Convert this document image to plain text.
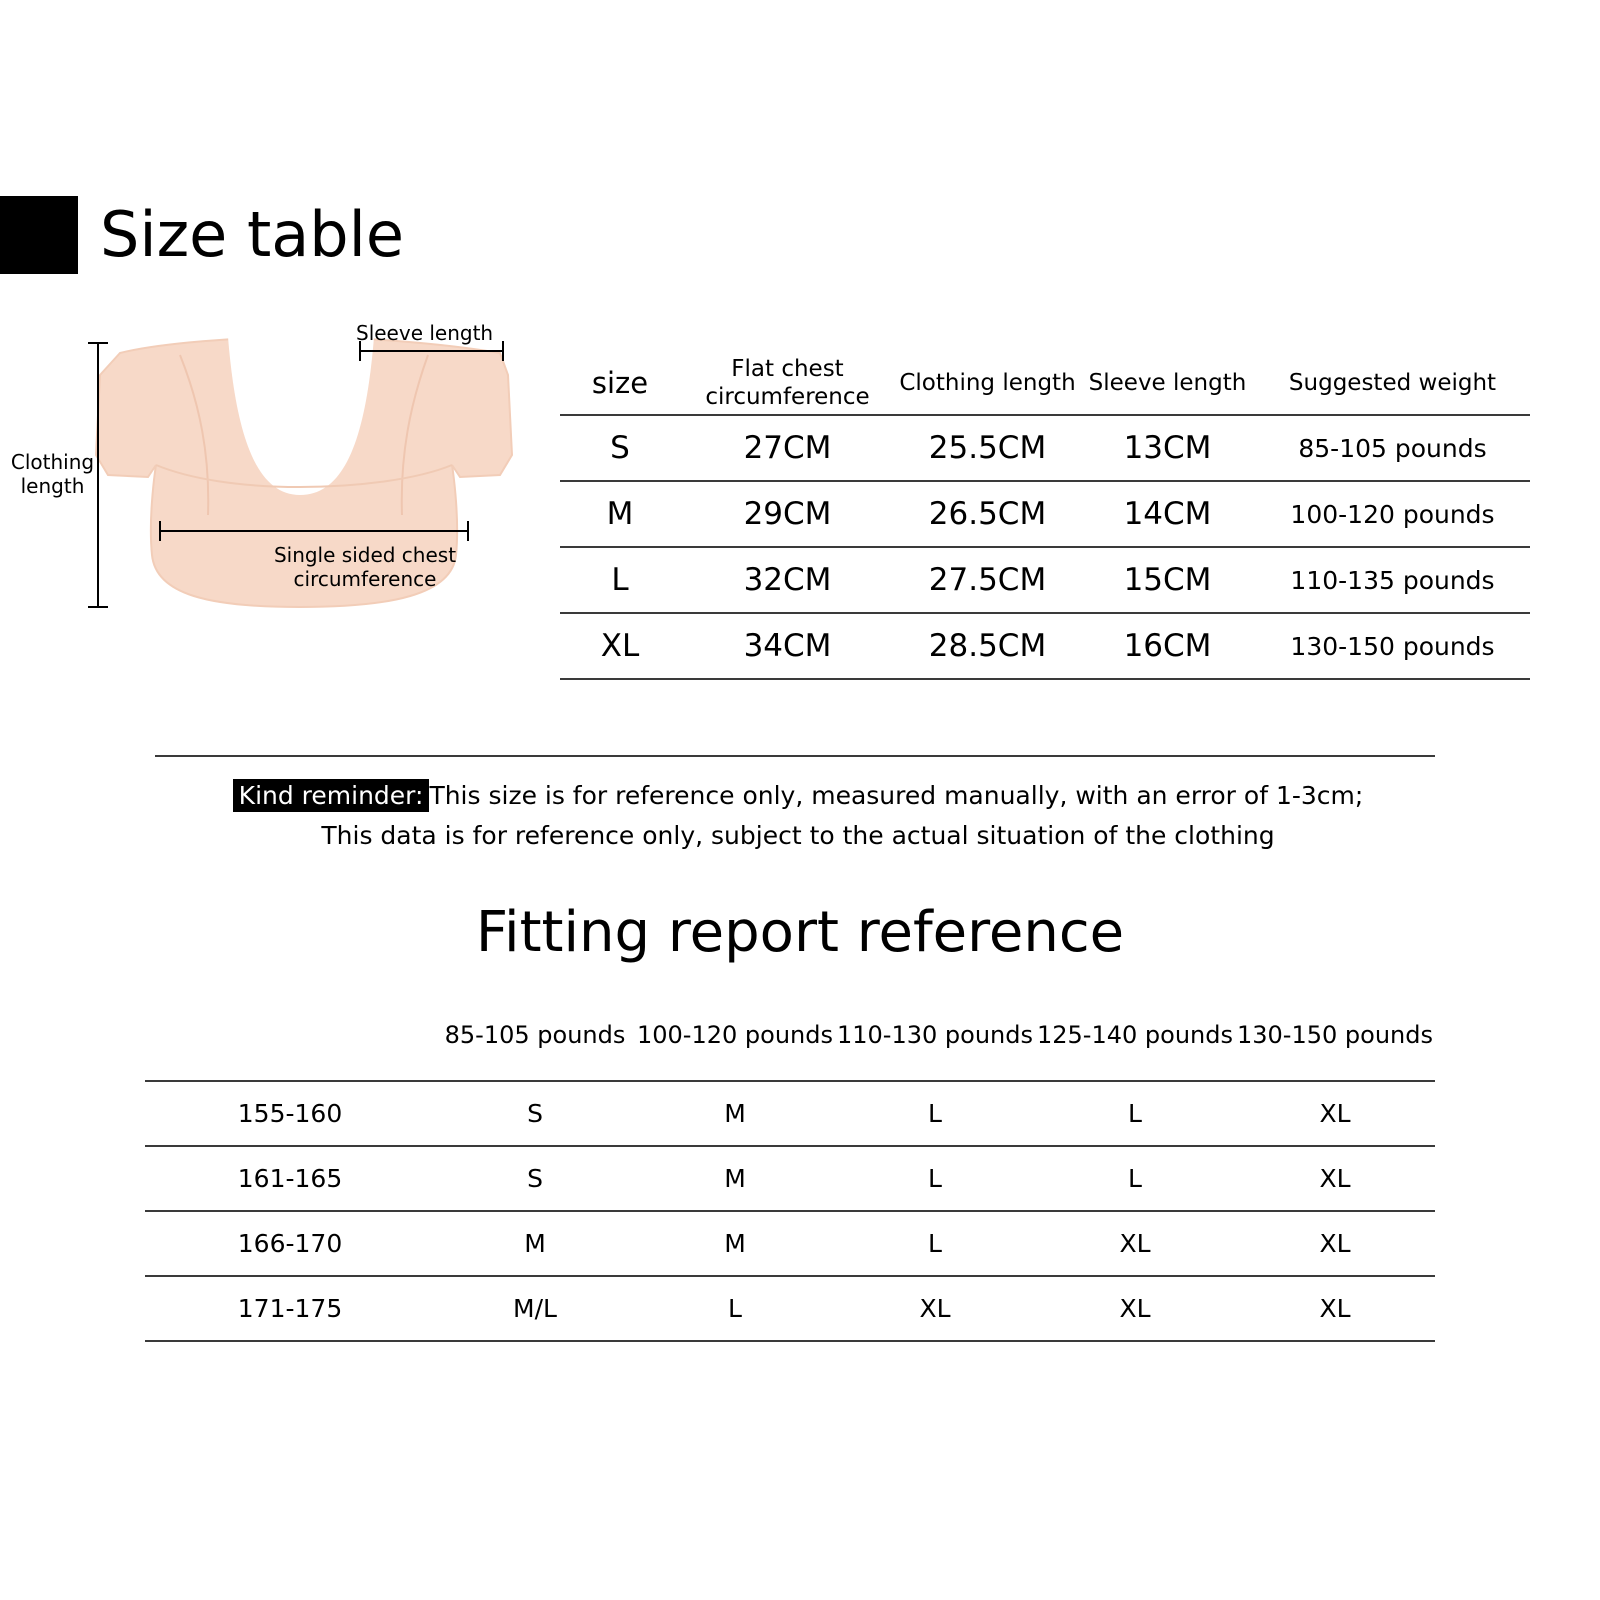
Size table
Sleeve length
Clothing length
Single sided chest circumference
size	Flat chest circumference	Clothing length	Sleeve length	Suggested weight
S	27CM	25.5CM	13CM	85-105 pounds
M	29CM	26.5CM	14CM	100-120 pounds
L	32CM	27.5CM	15CM	110-135 pounds
XL	34CM	28.5CM	16CM	130-150 pounds
Kind reminder: This size is for reference only, measured manually, with an error of 1-3cm;
This data is for reference only, subject to the actual situation of the clothing
Fitting report reference
	85-105 pounds	100-120 pounds	110-130 pounds	125-140 pounds	130-150 pounds
155-160	S	M	L	L	XL
161-165	S	M	L	L	XL
166-170	M	M	L	XL	XL
171-175	M/L	L	XL	XL	XL
